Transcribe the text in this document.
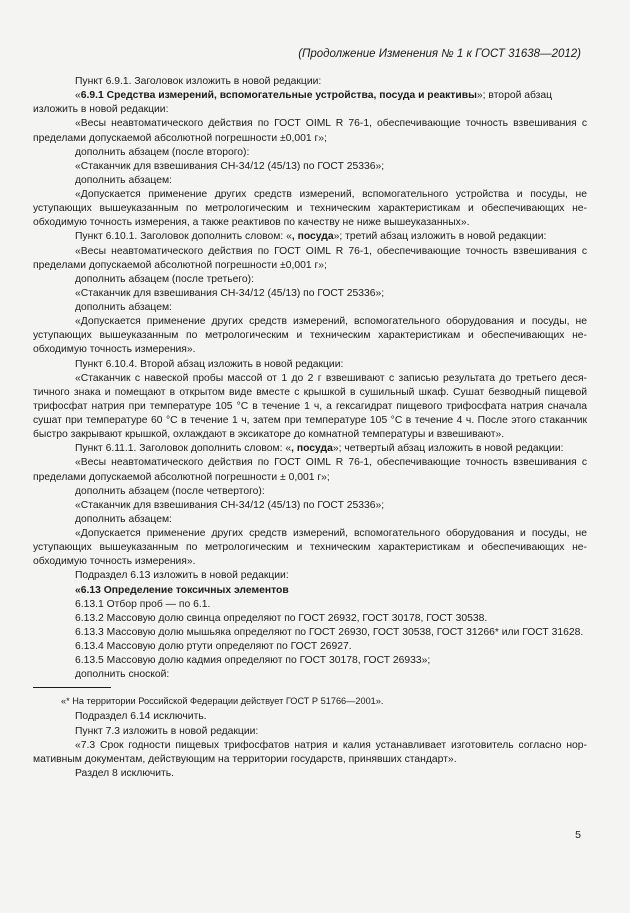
(Продолжение Изменения № 1 к ГОСТ 31638—2012)

Пункт 6.9.1. Заголовок изложить в новой редакции:

«6.9.1 Средства измерений, вспомогательные устройства, посуда и реактивы»; второй абзац изложить в новой редакции:

«Весы неавтоматического действия по ГОСТ OIML R 76-1, обеспечивающие точность взвешивания с пределами допускаемой абсолютной погрешности ±0,001 г»;

дополнить абзацем (после второго):

«Стаканчик для взвешивания СН-34/12 (45/13) по ГОСТ 25336»;

дополнить абзацем:

«Допускается применение других средств измерений, вспомогательного устройства и посуды, не уступающих вышеуказанным по метрологическим и техническим характеристикам и обеспечивающих не-обходимую точность измерения, а также реактивов по качеству не ниже вышеуказанных».

Пункт 6.10.1. Заголовок дополнить словом: «, посуда»; третий абзац изложить в новой редакции:

«Весы неавтоматического действия по ГОСТ OIML R 76-1, обеспечивающие точность взвешивания с пределами допускаемой абсолютной погрешности ±0,001 г»;

дополнить абзацем (после третьего):

«Стаканчик для взвешивания СН-34/12 (45/13) по ГОСТ 25336»;

дополнить абзацем:

«Допускается применение других средств измерений, вспомогательного оборудования и посуды, не уступающих вышеуказанным по метрологическим и техническим характеристикам и обеспечивающих не-обходимую точность измерения».

Пункт 6.10.4. Второй абзац изложить в новой редакции:

«Стаканчик с навеской пробы массой от 1 до 2 г взвешивают с записью результата до третьего деся-тичного знака и помещают в открытом виде вместе с крышкой в сушильный шкаф. Сушат безводный пищевой трифосфат натрия при температуре 105 °С в течение 1 ч, а гексагидрат пищевого трифосфата натрия сначала сушат при температуре 60 °С в течение 1 ч, затем при температуре 105 °С в течение 4 ч. После этого стаканчик быстро закрывают крышкой, охлаждают в эксикаторе до комнатной температуры и взвешивают».

Пункт 6.11.1. Заголовок дополнить словом: «, посуда»; четвертый абзац изложить в новой редакции:

«Весы неавтоматического действия по ГОСТ OIML R 76-1, обеспечивающие точность взвешивания с пределами допускаемой абсолютной погрешности ± 0,001 г»;

дополнить абзацем (после четвертого):

«Стаканчик для взвешивания СН-34/12 (45/13) по ГОСТ 25336»;

дополнить абзацем:

«Допускается применение других средств измерений, вспомогательного оборудования и посуды, не уступающих вышеуказанным по метрологическим и техническим характеристикам и обеспечивающих не-обходимую точность измерения».

Подраздел 6.13 изложить в новой редакции:

«6.13 Определение токсичных элементов

6.13.1 Отбор проб — по 6.1.

6.13.2 Массовую долю свинца определяют по ГОСТ 26932, ГОСТ 30178, ГОСТ 30538.

6.13.3 Массовую долю мышьяка определяют по ГОСТ 26930, ГОСТ 30538, ГОСТ 31266* или ГОСТ 31628.

6.13.4 Массовую долю ртути определяют по ГОСТ 26927.

6.13.5 Массовую долю кадмия определяют по ГОСТ 30178, ГОСТ 26933»;

дополнить сноской:

«* На территории Российской Федерации действует ГОСТ Р 51766—2001».

Подраздел 6.14 исключить.

Пункт 7.3 изложить в новой редакции:

«7.3 Срок годности пищевых трифосфатов натрия и калия устанавливает изготовитель согласно нор-мативным документам, действующим на территории государств, принявших стандарт».

Раздел 8 исключить.

5
